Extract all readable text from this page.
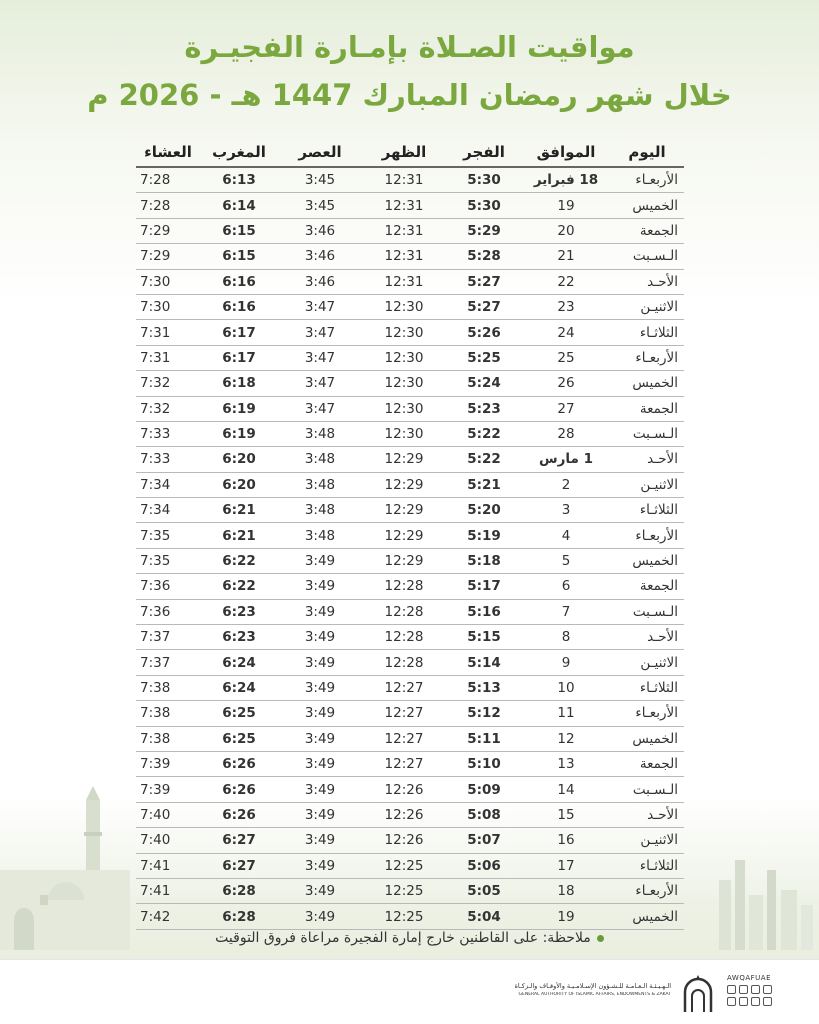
مواقيت الصـلاة بإمـارة الفجيـرة
خلال شهر رمضان المبارك 1447 هـ - 2026 م
اليوم
الموافق
الفجر
الظهر
العصر
المغرب
العشاء
الأربعـاء
18 فبراير
5:30
12:31
3:45
6:13
7:28
الخميس
19
5:30
12:31
3:45
6:14
7:28
الجمعة
20
5:29
12:31
3:46
6:15
7:29
الـسـبت
21
5:28
12:31
3:46
6:15
7:29
الأحـد
22
5:27
12:31
3:46
6:16
7:30
الاثنيـن
23
5:27
12:30
3:47
6:16
7:30
الثلاثـاء
24
5:26
12:30
3:47
6:17
7:31
الأربعـاء
25
5:25
12:30
3:47
6:17
7:31
الخميس
26
5:24
12:30
3:47
6:18
7:32
الجمعة
27
5:23
12:30
3:47
6:19
7:32
الـسـبت
28
5:22
12:30
3:48
6:19
7:33
الأحـد
1 مارس
5:22
12:29
3:48
6:20
7:33
الاثنيـن
2
5:21
12:29
3:48
6:20
7:34
الثلاثـاء
3
5:20
12:29
3:48
6:21
7:34
الأربعـاء
4
5:19
12:29
3:48
6:21
7:35
الخميس
5
5:18
12:29
3:49
6:22
7:35
الجمعة
6
5:17
12:28
3:49
6:22
7:36
الـسـبت
7
5:16
12:28
3:49
6:23
7:36
الأحـد
8
5:15
12:28
3:49
6:23
7:37
الاثنيـن
9
5:14
12:28
3:49
6:24
7:37
الثلاثـاء
10
5:13
12:27
3:49
6:24
7:38
الأربعـاء
11
5:12
12:27
3:49
6:25
7:38
الخميس
12
5:11
12:27
3:49
6:25
7:38
الجمعة
13
5:10
12:27
3:49
6:26
7:39
الـسـبت
14
5:09
12:26
3:49
6:26
7:39
الأحـد
15
5:08
12:26
3:49
6:26
7:40
الاثنيـن
16
5:07
12:26
3:49
6:27
7:40
الثلاثـاء
17
5:06
12:25
3:49
6:27
7:41
الأربعـاء
18
5:05
12:25
3:49
6:28
7:41
الخميس
19
5:04
12:25
3:49
6:28
7:42
ملاحظة: على القاطنين خارج إمارة الفجيرة مراعاة فروق التوقيت
الـهـيـئـة الـعـامـة للـشـؤون الإسـلامـيـة والأوقـاف والـزكـاة
GENERAL AUTHORITY OF ISLAMIC AFFAIRS, ENDOWMENTS & ZAKAT
AWQAFUAE
